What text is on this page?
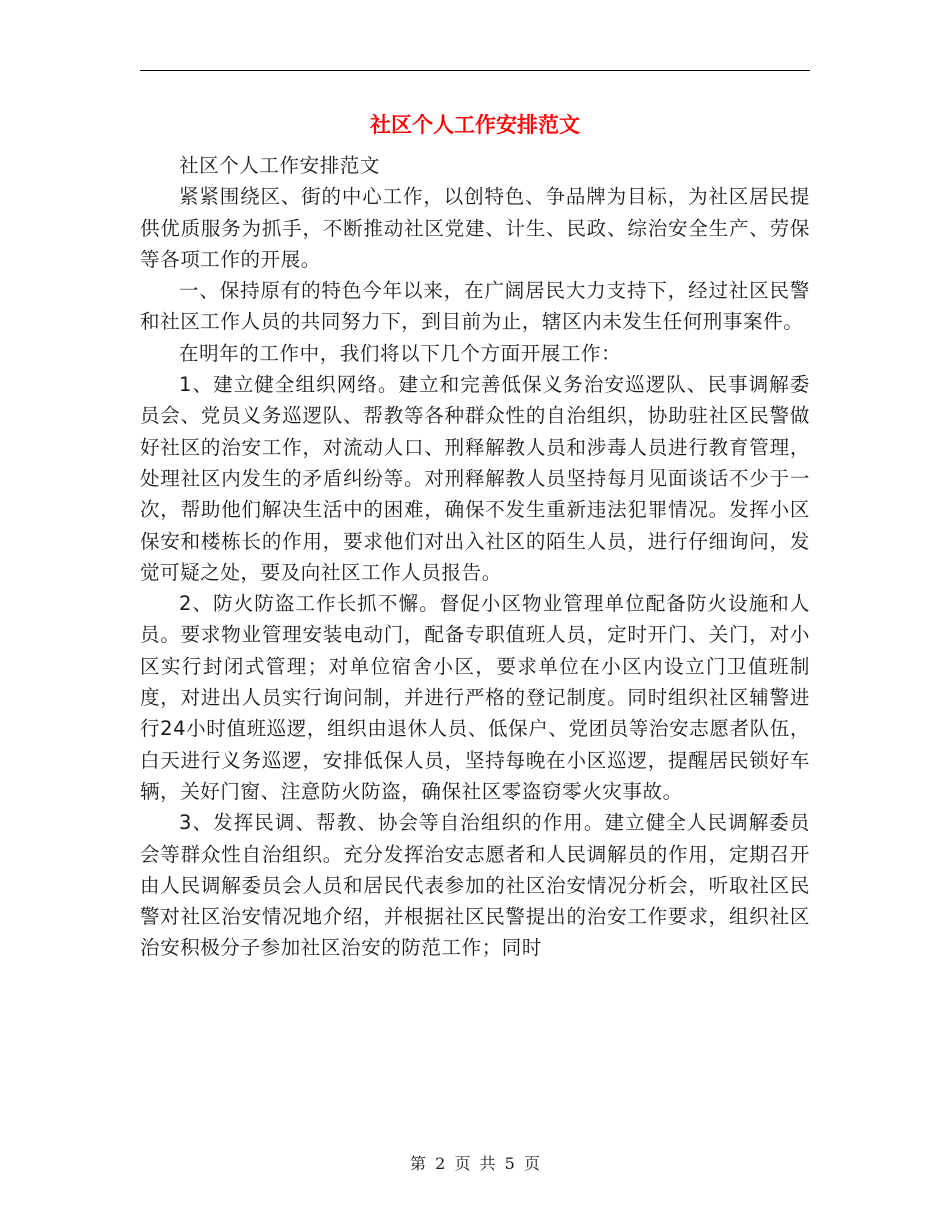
社区个人工作安排范文

社区个人工作安排范文

紧紧围绕区、街的中心工作，以创特色、争品牌为目标，为社区居民提供优质服务为抓手，不断推动社区党建、计生、民政、综治安全生产、劳保等各项工作的开展。

一、保持原有的特色今年以来，在广阔居民大力支持下，经过社区民警和社区工作人员的共同努力下，到目前为止，辖区内未发生任何刑事案件。

在明年的工作中，我们将以下几个方面开展工作：

1、建立健全组织网络。建立和完善低保义务治安巡逻队、民事调解委员会、党员义务巡逻队、帮教等各种群众性的自治组织，协助驻社区民警做好社区的治安工作，对流动人口、刑释解教人员和涉毒人员进行教育管理，处理社区内发生的矛盾纠纷等。对刑释解教人员坚持每月见面谈话不少于一次，帮助他们解决生活中的困难，确保不发生重新违法犯罪情况。发挥小区保安和楼栋长的作用，要求他们对出入社区的陌生人员，进行仔细询问，发觉可疑之处，要及向社区工作人员报告。

2、防火防盗工作长抓不懈。督促小区物业管理单位配备防火设施和人员。要求物业管理安装电动门，配备专职值班人员，定时开门、关门，对小区实行封闭式管理；对单位宿舍小区，要求单位在小区内设立门卫值班制度，对进出人员实行询问制，并进行严格的登记制度。同时组织社区辅警进行24小时值班巡逻，组织由退休人员、低保户、党团员等治安志愿者队伍，白天进行义务巡逻，安排低保人员，坚持每晚在小区巡逻，提醒居民锁好车辆，关好门窗、注意防火防盗，确保社区零盗窃零火灾事故。

3、发挥民调、帮教、协会等自治组织的作用。建立健全人民调解委员会等群众性自治组织。充分发挥治安志愿者和人民调解员的作用，定期召开由人民调解委员会人员和居民代表参加的社区治安情况分析会，听取社区民警对社区治安情况地介绍，并根据社区民警提出的治安工作要求，组织社区治安积极分子参加社区治安的防范工作；同时

第 2 页 共 5 页
